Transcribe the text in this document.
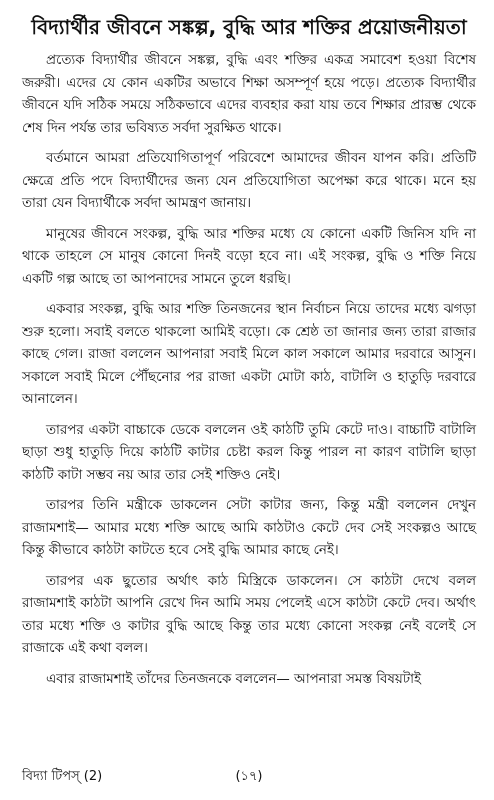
বিদ্যার্থীর জীবনে সঙ্কল্প, বুদ্ধি আর শক্তির প্রয়োজনীয়তা

প্রত্যেক বিদ্যার্থীর জীবনে সঙ্কল্প, বুদ্ধি এবং শক্তির একত্র সমাবেশ হওয়া বিশেষ জরুরী। এদের যে কোন একটির অভাবে শিক্ষা অসম্পূর্ণ হয়ে পড়ে। প্রত্যেক বিদ্যার্থীর জীবনে যদি সঠিক সময়ে সঠিকভাবে এদের ব্যবহার করা যায় তবে শিক্ষার প্রারম্ভ থেকে শেষ দিন পর্যন্ত তার ভবিষ্যত সর্বদা সুরক্ষিত থাকে।

বর্তমানে আমরা প্রতিযোগিতাপূর্ণ পরিবেশে আমাদের জীবন যাপন করি। প্রতিটি ক্ষেত্রে প্রতি পদে বিদ্যার্থীদের জন্য যেন প্রতিযোগিতা অপেক্ষা করে থাকে। মনে হয় তারা যেন বিদ্যার্থীকে সর্বদা আমন্ত্রণ জানায়।

মানুষের জীবনে সংকল্প, বুদ্ধি আর শক্তির মধ্যে যে কোনো একটি জিনিস যদি না থাকে তাহলে সে মানুষ কোনো দিনই বড়ো হবে না। এই সংকল্প, বুদ্ধি ও শক্তি নিয়ে একটি গল্প আছে তা আপনাদের সামনে তুলে ধরছি।

একবার সংকল্প, বুদ্ধি আর শক্তি তিনজনের স্থান নির্বাচন নিয়ে তাদের মধ্যে ঝগড়া শুরু হলো। সবাই বলতে থাকলো আমিই বড়ো। কে শ্রেষ্ঠ তা জানার জন্য তারা রাজার কাছে গেল। রাজা বললেন আপনারা সবাই মিলে কাল সকালে আমার দরবারে আসুন। সকালে সবাই মিলে পৌঁছনোর পর রাজা একটা মোটা কাঠ, বাটালি ও হাতুড়ি দরবারে আনালেন।

তারপর একটা বাচ্চাকে ডেকে বললেন ওই কাঠটি তুমি কেটে দাও। বাচ্চাটি বাটালি ছাড়া শুধু হাতুড়ি দিয়ে কাঠটি কাটার চেষ্টা করল কিন্তু পারল না কারণ বাটালি ছাড়া কাঠটি কাটা সম্ভব নয় আর তার সেই শক্তিও নেই।

তারপর তিনি মন্ত্রীকে ডাকলেন সেটা কাটার জন্য, কিন্তু মন্ত্রী বললেন দেখুন রাজামশাই— আমার মধ্যে শক্তি আছে আমি কাঠটাও কেটে দেব সেই সংকল্পও আছে কিন্তু কীভাবে কাঠটা কাটতে হবে সেই বুদ্ধি আমার কাছে নেই।

তারপর এক ছুতোর অর্থাৎ কাঠ মিস্ত্রিকে ডাকলেন। সে কাঠটা দেখে বলল রাজামশাই কাঠটা আপনি রেখে দিন আমি সময় পেলেই এসে কাঠটা কেটে দেব। অর্থাৎ তার মধ্যে শক্তি ও কাটার বুদ্ধি আছে কিন্তু তার মধ্যে কোনো সংকল্প নেই বলেই সে রাজাকে এই কথা বলল।

এবার রাজামশাই তাঁদের তিনজনকে বললেন— আপনারা সমস্ত বিষয়টাই

বিদ্যা টিপস্ (2)	(১৭)
